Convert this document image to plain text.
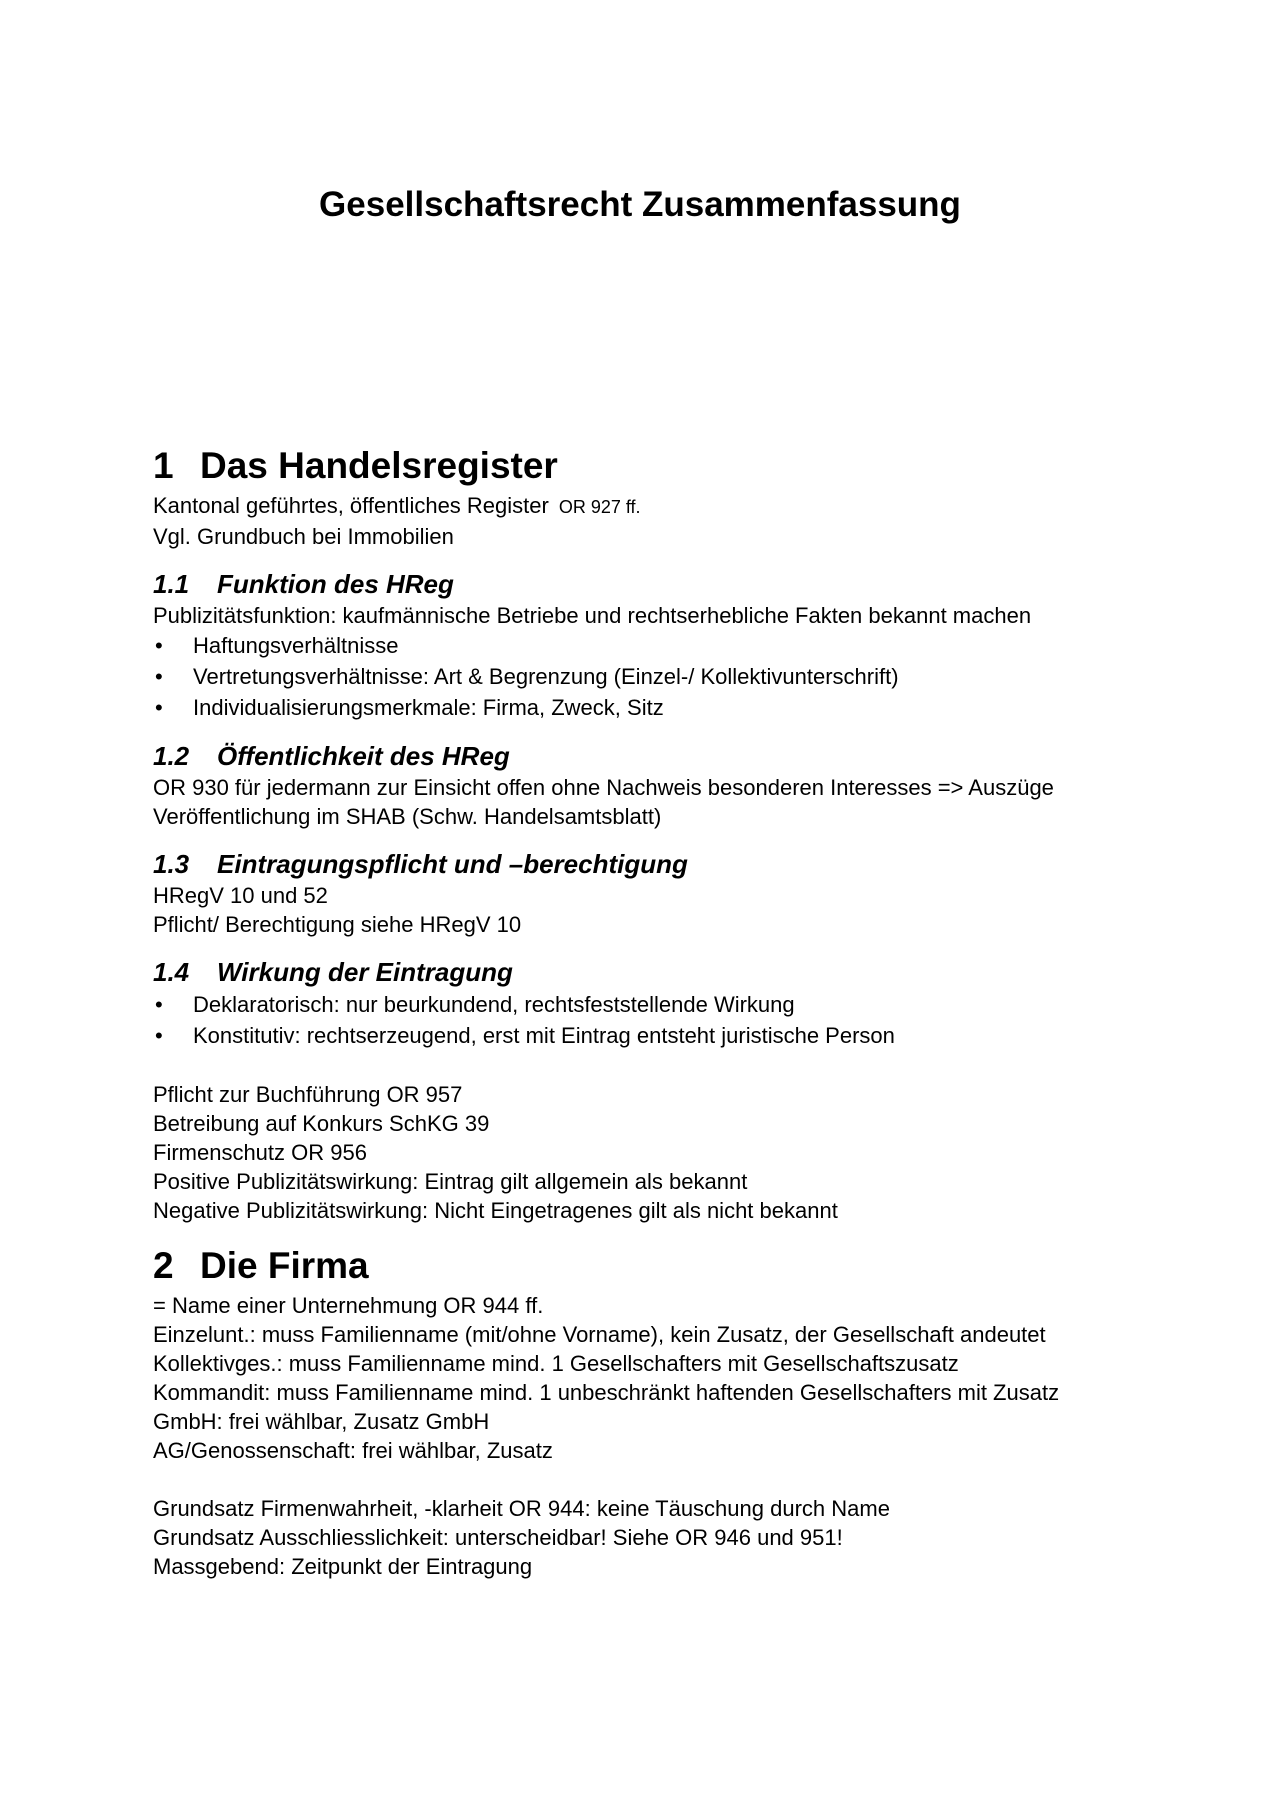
Gesellschaftsrecht Zusammenfassung
1 Das Handelsregister
Kantonal geführtes, öffentliches Register OR 927 ff.
Vgl. Grundbuch bei Immobilien
1.1 Funktion des HReg
Publizitätsfunktion: kaufmännische Betriebe und rechtserhebliche Fakten bekannt machen
• Haftungsverhältnisse
• Vertretungsverhältnisse: Art & Begrenzung (Einzel-/ Kollektivunterschrift)
• Individualisierungsmerkmale: Firma, Zweck, Sitz
1.2 Öffentlichkeit des HReg
OR 930 für jedermann zur Einsicht offen ohne Nachweis besonderen Interesses => Auszüge
Veröffentlichung im SHAB (Schw. Handelsamtsblatt)
1.3 Eintragungspflicht und –berechtigung
HRegV 10 und 52
Pflicht/ Berechtigung siehe HRegV 10
1.4 Wirkung der Eintragung
• Deklaratorisch: nur beurkundend, rechtsfeststellende Wirkung
• Konstitutiv: rechtserzeugend, erst mit Eintrag entsteht juristische Person
Pflicht zur Buchführung OR 957
Betreibung auf Konkurs SchKG 39
Firmenschutz OR 956
Positive Publizitätswirkung: Eintrag gilt allgemein als bekannt
Negative Publizitätswirkung: Nicht Eingetragenes gilt als nicht bekannt
2 Die Firma
= Name einer Unternehmung OR 944 ff.
Einzelunt.: muss Familienname (mit/ohne Vorname), kein Zusatz, der Gesellschaft andeutet
Kollektivges.: muss Familienname mind. 1 Gesellschafters mit Gesellschaftszusatz
Kommandit: muss Familienname mind. 1 unbeschränkt haftenden Gesellschafters mit Zusatz
GmbH: frei wählbar, Zusatz GmbH
AG/Genossenschaft: frei wählbar, Zusatz
Grundsatz Firmenwahrheit, -klarheit OR 944: keine Täuschung durch Name
Grundsatz Ausschliesslichkeit: unterscheidbar! Siehe OR 946 und 951!
Massgebend: Zeitpunkt der Eintragung
